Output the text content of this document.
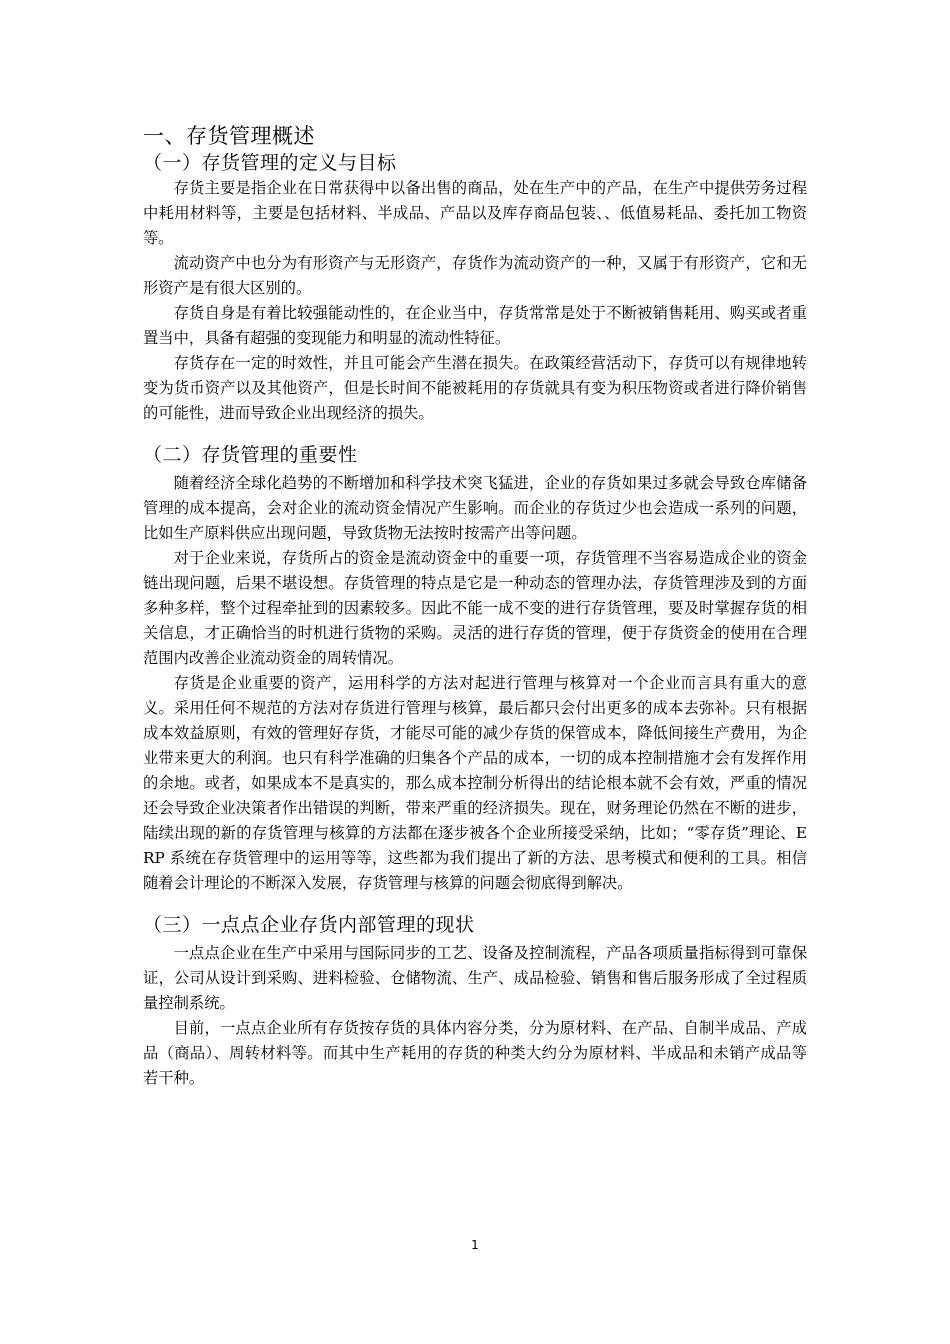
一、存货管理概述
（一）存货管理的定义与目标

存货主要是指企业在日常获得中以备出售的商品，处在生产中的产品，在生产中提供劳务过程中耗用材料等，主要是包括材料、半成品、产品以及库存商品包装、、低值易耗品、委托加工物资等。

流动资产中也分为有形资产与无形资产，存货作为流动资产的一种，又属于有形资产，它和无形资产是有很大区别的。

存货自身是有着比较强能动性的，在企业当中，存货常常是处于不断被销售耗用、购买或者重置当中，具备有超强的变现能力和明显的流动性特征。

存货存在一定的时效性，并且可能会产生潜在损失。在政策经营活动下，存货可以有规律地转变为货币资产以及其他资产，但是长时间不能被耗用的存货就具有变为积压物资或者进行降价销售的可能性，进而导致企业出现经济的损失。

（二）存货管理的重要性

随着经济全球化趋势的不断增加和科学技术突飞猛进，企业的存货如果过多就会导致仓库储备管理的成本提高，会对企业的流动资金情况产生影响。而企业的存货过少也会造成一系列的问题，比如生产原料供应出现问题，导致货物无法按时按需产出等问题。

对于企业来说，存货所占的资金是流动资金中的重要一项，存货管理不当容易造成企业的资金链出现问题，后果不堪设想。存货管理的特点是它是一种动态的管理办法，存货管理涉及到的方面多种多样，整个过程牵扯到的因素较多。因此不能一成不变的进行存货管理，要及时掌握存货的相关信息，才正确恰当的时机进行货物的采购。灵活的进行存货的管理，便于存货资金的使用在合理范围内改善企业流动资金的周转情况。

存货是企业重要的资产，运用科学的方法对起进行管理与核算对一个企业而言具有重大的意义。采用任何不规范的方法对存货进行管理与核算，最后都只会付出更多的成本去弥补。只有根据成本效益原则，有效的管理好存货，才能尽可能的减少存货的保管成本，降低间接生产费用，为企业带来更大的利润。也只有科学准确的归集各个产品的成本，一切的成本控制措施才会有发挥作用的余地。或者，如果成本不是真实的，那么成本控制分析得出的结论根本就不会有效，严重的情况还会导致企业决策者作出错误的判断，带来严重的经济损失。现在，财务理论仍然在不断的进步，陆续出现的新的存货管理与核算的方法都在逐步被各个企业所接受采纳，比如；“零存货”理论、ERP 系统在存货管理中的运用等等，这些都为我们提出了新的方法、思考模式和便利的工具。相信随着会计理论的不断深入发展，存货管理与核算的问题会彻底得到解决。

（三）一点点企业存货内部管理的现状

一点点企业在生产中采用与国际同步的工艺、设备及控制流程，产品各项质量指标得到可靠保证，公司从设计到采购、进料检验、仓储物流、生产、成品检验、销售和售后服务形成了全过程质量控制系统。

目前，一点点企业所有存货按存货的具体内容分类，分为原材料、在产品、自制半成品、产成品（商品）、周转材料等。而其中生产耗用的存货的种类大约分为原材料、半成品和未销产成品等若干种。

1
